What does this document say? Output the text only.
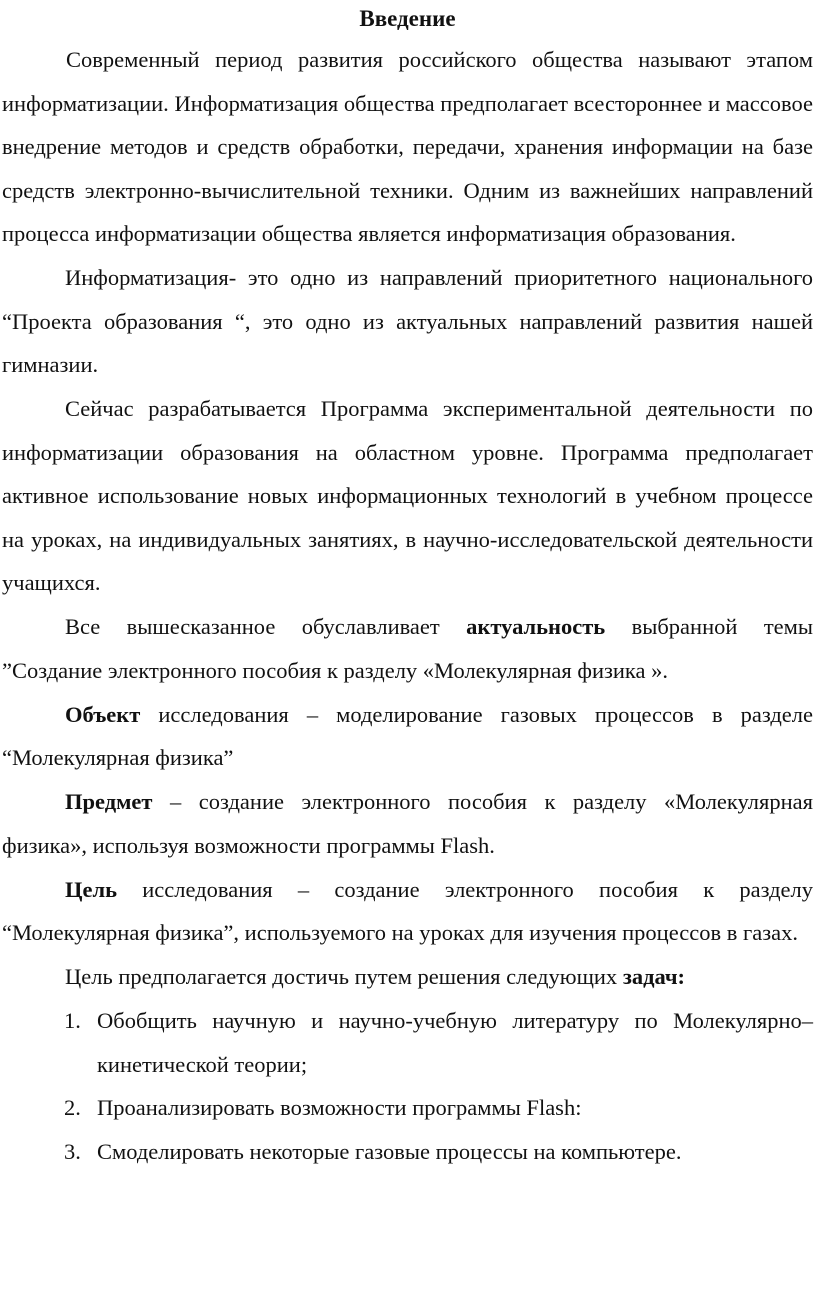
Введение

Современный период развития российского общества называют этапом информатизации. Информатизация общества предполагает всестороннее и массовое внедрение методов и средств обработки, передачи, хранения информации на базе средств электронно-вычислительной техники. Одним из важнейших направлений процесса информатизации общества является информатизация образования.

Информатизация- это одно из направлений приоритетного национального “Проекта образования “, это одно из актуальных направлений развития нашей гимназии.

Сейчас разрабатывается Программа экспериментальной деятельности по информатизации образования на областном уровне. Программа предполагает активное использование новых информационных технологий в учебном процессе на уроках, на индивидуальных занятиях, в научно-исследовательской деятельности учащихся.

Все вышесказанное обуславливает актуальность выбранной темы ”Создание электронного пособия к разделу «Молекулярная физика ».

Объект исследования – моделирование газовых процессов в разделе “Молекулярная физика”

Предмет – создание электронного пособия к разделу «Молекулярная физика», используя возможности программы Flash.

Цель исследования – создание электронного пособия к разделу “Молекулярная физика”, используемого на уроках для изучения процессов в газах.

Цель предполагается достичь путем решения следующих задач:

1. Обобщить научную и научно-учебную литературу по Молекулярно– кинетической теории;
2. Проанализировать возможности программы Flash:
3. Смоделировать некоторые газовые процессы на компьютере.
